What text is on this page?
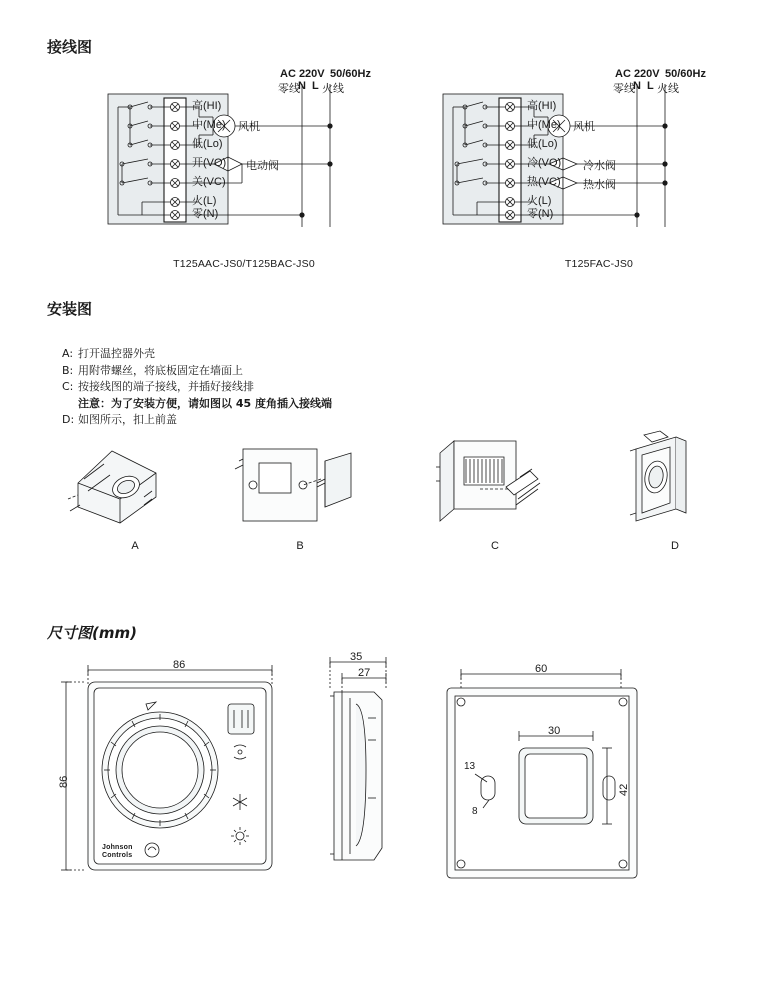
接线图
高(HI)
中(Me)
低(Lo)
开(VO)
关(VC)
火(L)
零(N)
风机
电动阀
AC 220V 50/60Hz
零线
N L 火线
T125AAC-JS0/T125BAC-JS0
高(HI)
中(Me)
低(Lo)
冷(VO)
热(VC)
火(L)
零(N)
风机
冷水阀
热水阀
AC 220V 50/60Hz
零线
N L 火线
T125FAC-JS0
安装图
A: 打开温控器外壳
B: 用附带螺丝，将底板固定在墙面上
C: 按接线图的端子接线，并插好接线排
注意：为了安装方便，请如图以 45 度角插入接线端
D: 如图所示，扣上前盖
A	B	C	D
尺寸图(mm)
86
86
Johnson
Controls
35
27	60
30
42
13
8
